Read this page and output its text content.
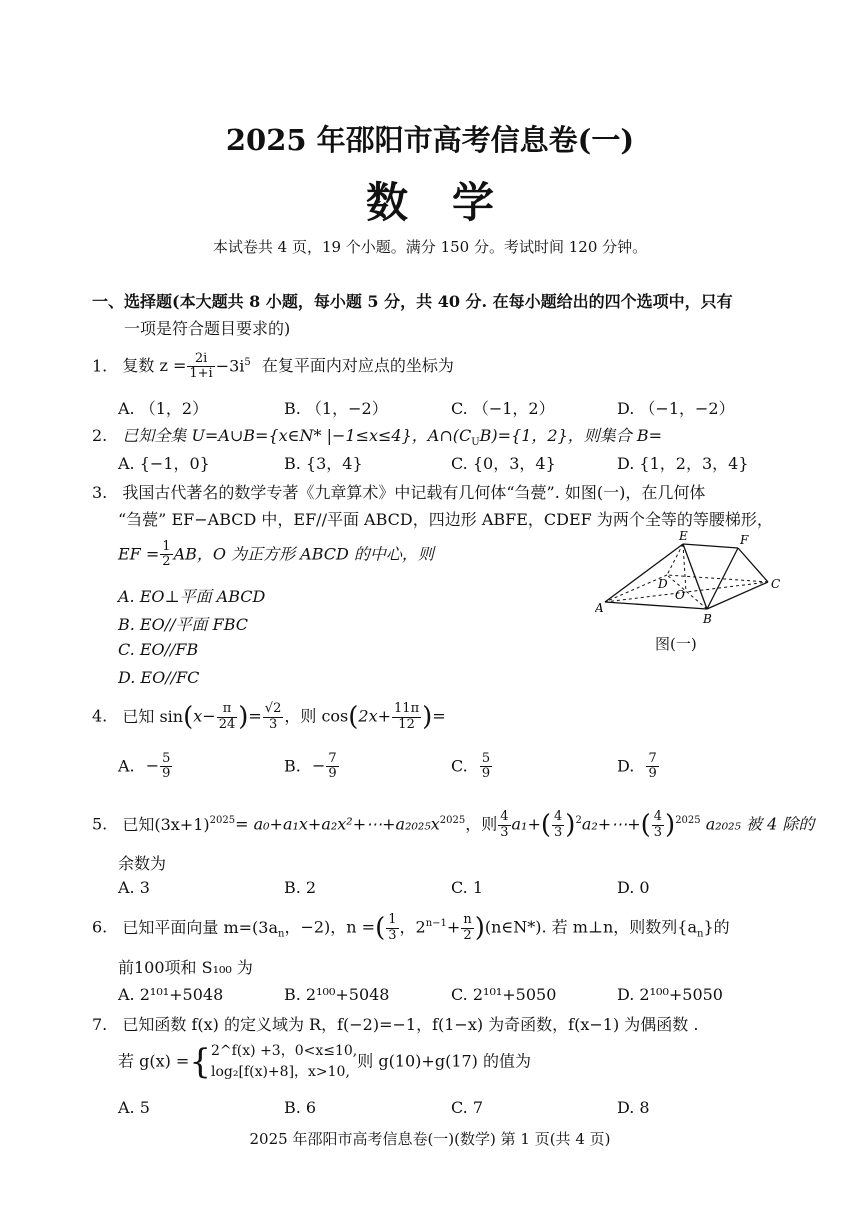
2025 年邵阳市高考信息卷(一)
数学
本试卷共 4 页，19 个小题。满分 150 分。考试时间 120 分钟。
一、选择题(本大题共 8 小题，每小题 5 分，共 40 分. 在每小题给出的四个选项中，只有
一项是符合题目要求的)
1. 复数 $z = \frac{2i}{1+i} -3i^5$ 在复平面内对应点的坐标为
A. （1，2）	B. （1，−2）	C. （−1，2）	D. （−1，−2）
2. 已知全集 U=A∪B={x∈N* |−1≤x≤4}，$A\cap(C_UB)=\{1$，2}，则集合 B=
A. {−1，0}	B. {3，4}	C. {0，3，4}	D. {1，2，3，4}
3. 我国古代著名的数学专著《九章算术》中记载有几何体“刍甍”. 如图(一)，在几何体
“刍甍” EF−ABCD 中，EF//平面 ABCD，四边形 ABFE，CDEF 为两个全等的等腰梯形，
EF = $\frac{1}{2}$ AB，O 为正方形 ABCD 的中心，则
A. EO⊥平面 ABCD
B. EO//平面 FBC
C. EO//FB
D. EO//FC
E	F
D
O
C
A
B
图(一)
4. 已知 $\sin(x- \frac{\pi}{24}$ )= $\frac{√2}{3}$ ，则 $\cos(2x+ \frac{11\pi}{12}$ )=
A. − $\frac{5}{9}$	B. − $\frac{7}{9}$	C. $\frac{5}{9}$	D. $\frac{7}{9}$
5. 已知$(3x+1)^{2025}=$ $a_0+a_1x+a_2x^2+\cdots+a_{2025}x^{2025}$，则 $\frac{4}{3} a_1+( \frac{4}{3}$ )$^2a_2+\cdots+( \frac{4}{3} )^{2025}$ a₂₀₂₅ 被 4 除的
余数为
A. 3	B. 2	C. 1	D. 0
6. 已知平面向量 $m=(3a_n$，−2)，n =( $\frac{1}{3}$ ，$2^{n-1}+ \frac{n}{2}$ )(n∈N*). 若 m⊥n，则数列$\{a_n\}$的
前100项和 S₁₀₀ 为
A. 2¹⁰¹+5048	B. 2¹⁰⁰+5048	C. 2¹⁰¹+5050	D. 2¹⁰⁰+5050
7. 已知函数 f(x) 的定义域为 R，f(−2)=−1，f(1−x) 为奇函数，f(x−1) 为偶函数 .
若 g(x) ={ 2^f(x) +3，0<x≤10,
log₂[f(x)+8]，x>10,
则 g(10)+g(17) 的值为
A. 5	B. 6	C. 7	D. 8
2025 年邵阳市高考信息卷(一)(数学) 第 1 页(共 4 页)
